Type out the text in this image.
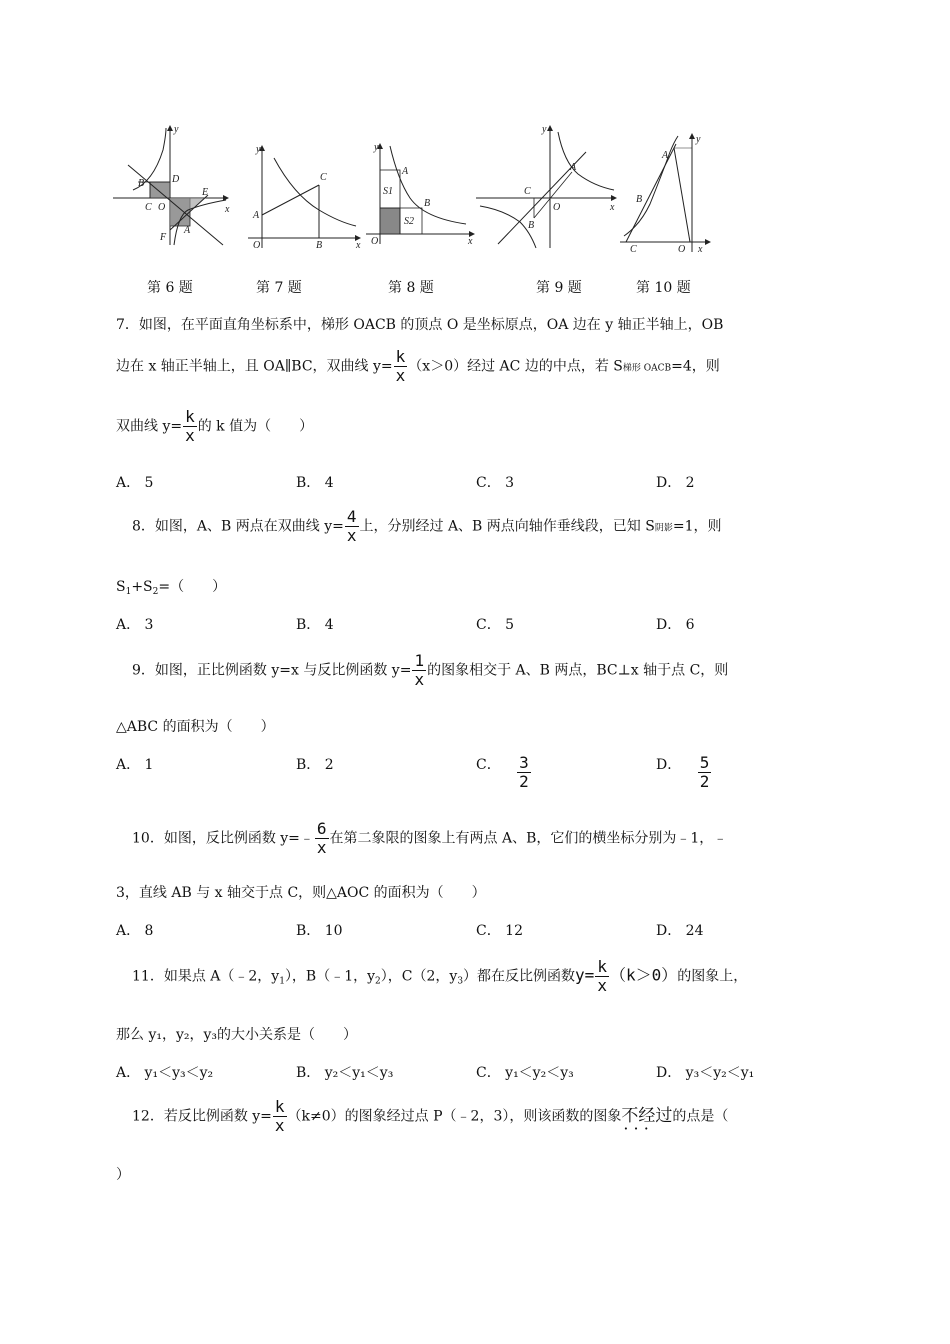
y
x
B	D
C O
E
F
A
第 6 题
y
x
C
A
O	B
第 7 题
y
x
A
B
S1
S2
O
第 8 题
y
x
A
C
O
B
第 9 题
y
x
A
B
C	O
第 10 题
7．如图，在平面直角坐标系中，梯形 OACB 的顶点 O 是坐标原点，OA 边在 y 轴正半轴上，OB
边在 x 轴正半轴上，且 OA∥BC，双曲线 $y= \frac{k}{x} (x>0)$经过 AC 边的中点，若 S梯形 OACB=4，则
双曲线 $y= \frac{k}{x}$ 的 k 值为（　　）
A． 5	B． 4	C． 3	D． 2
8．如图，A、B 两点在双曲线 $y= \frac{4}{x}$ 上，分别经过 A、B 两点向轴作垂线段，已知 S阴影=1，则
$S_1+S_2=$（　　）
A． 3	B． 4	C． 5	D． 6
9．如图，正比例函数 y=x 与反比例函数 $y= \frac{1}{x}$ 的图象相交于 A、B 两点，BC⊥x 轴于点 C，则
△ABC 的面积为（　　）
A． 1	B． 2	C． $\frac{3}{2}$	D． $\frac{5}{2}$
10．如图，反比例函数 y=﹣ $\frac{6}{x}$ 在第二象限的图象上有两点 A、B，它们的横坐标分别为﹣1，﹣
3，直线 AB 与 x 轴交于点 C，则△AOC 的面积为（　　）
A． 8	B． 10	C． 12	D． 24
11．如果点 A（﹣2，$y_1$），B（﹣1，$y_2$），C（2，$y_3$）都在反比例函数$y= \frac{k}{x} (k>0)$的图象上，
那么 y₁，y₂，y₃的大小关系是（　　）
A． y₁＜y₃＜y₂	B． y₂＜y₁＜y₃	C． y₁＜y₂＜y₃	D． y₃＜y₂＜y₁
12．若反比例函数 $y= \frac{k}{x} (k\ne 0)$的图象经过点 P（﹣2，3），则该函数的图象不经过 · · ·的点是（
）
